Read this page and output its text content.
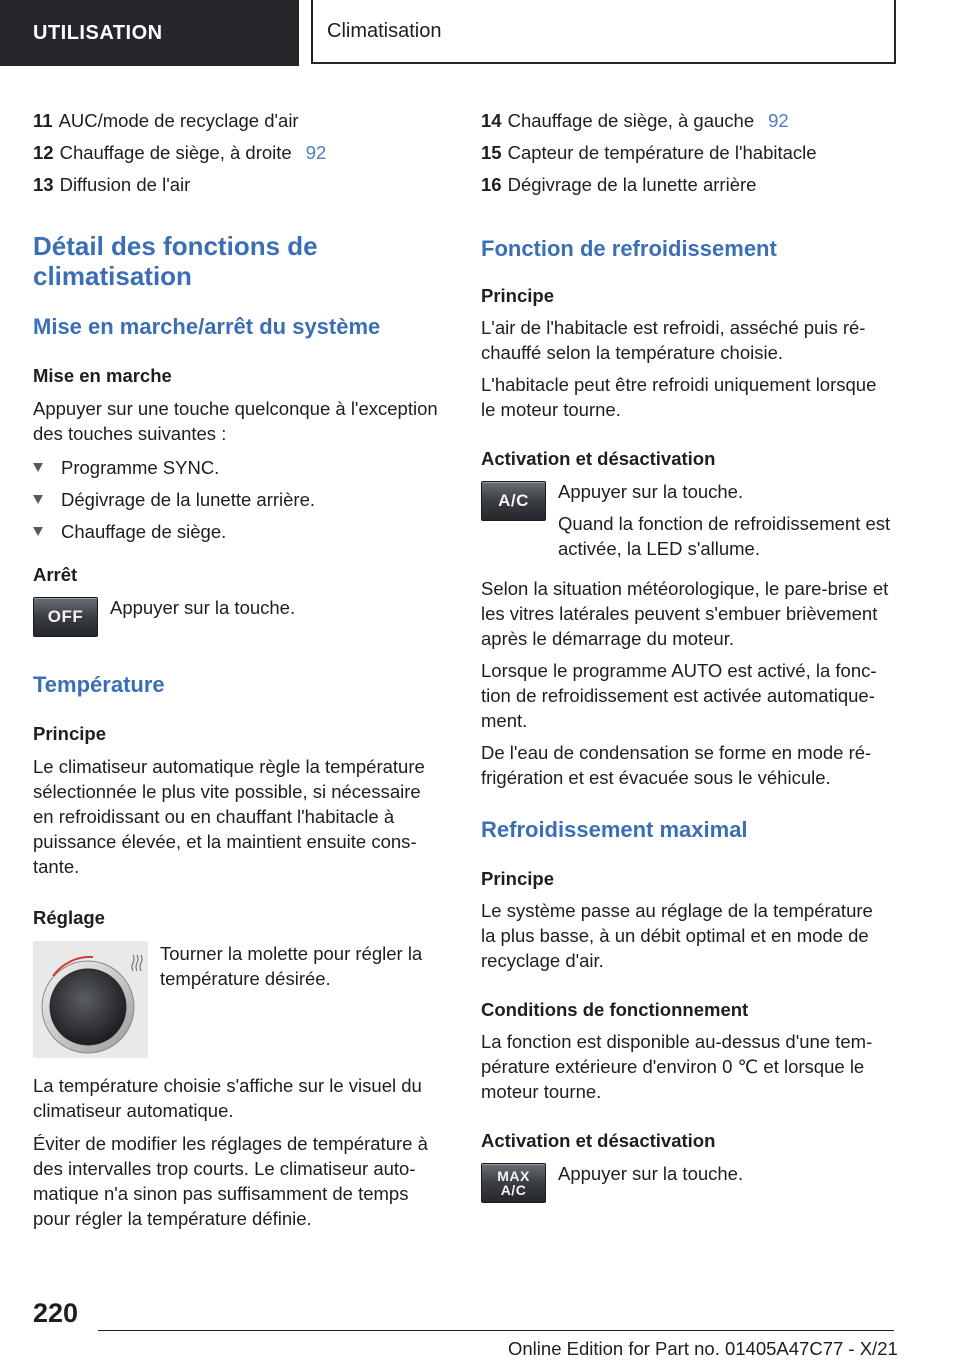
UTILISATION	Climatisation
11 AUC/mode de recyclage d'air
12 Chauffage de siège, à droite 92
13 Diffusion de l'air
Détail des fonctions de climatisation
Mise en marche/arrêt du système
Mise en marche

Appuyer sur une touche quelconque à l'exception des touches suivantes :

Programme SYNC.
Dégivrage de la lunette arrière.
Chauffage de siège.
Arrêt
OFF	Appuyer sur la touche.

Température
Principe

Le climatiseur automatique règle la température sélectionnée le plus vite possible, si nécessaire en refroidissant ou en chauffant l'habitacle à puissance élevée, et la maintient ensuite constante.

Réglage

Tourner la molette pour régler la température désirée.

La température choisie s'affiche sur le visuel du climatiseur automatique.

Éviter de modifier les réglages de température à des intervalles trop courts. Le climatiseur automatique n'a sinon pas suffisamment de temps pour régler la température définie.

14 Chauffage de siège, à gauche 92
15 Capteur de température de l'habitacle
16 Dégivrage de la lunette arrière
Fonction de refroidissement
Principe

L'air de l'habitacle est refroidi, asséché puis réchauffé selon la température choisie.

L'habitacle peut être refroidi uniquement lorsque le moteur tourne.

Activation et désactivation
A/C	Appuyer sur la touche.

Quand la fonction de refroidissement est activée, la LED s'allume.

Selon la situation météorologique, le pare-brise et les vitres latérales peuvent s'embuer brièvement après le démarrage du moteur.

Lorsque le programme AUTO est activé, la fonction de refroidissement est activée automatiquement.

De l'eau de condensation se forme en mode réfrigération et est évacuée sous le véhicule.

Refroidissement maximal
Principe

Le système passe au réglage de la température la plus basse, à un débit optimal et en mode de recyclage d'air.

Conditions de fonctionnement

La fonction est disponible au-dessus d'une température extérieure d'environ 0 ℃ et lorsque le moteur tourne.

Activation et désactivation
MAX
A/C

Appuyer sur la touche.

220
Online Edition for Part no. 01405A47C77 - X/21
